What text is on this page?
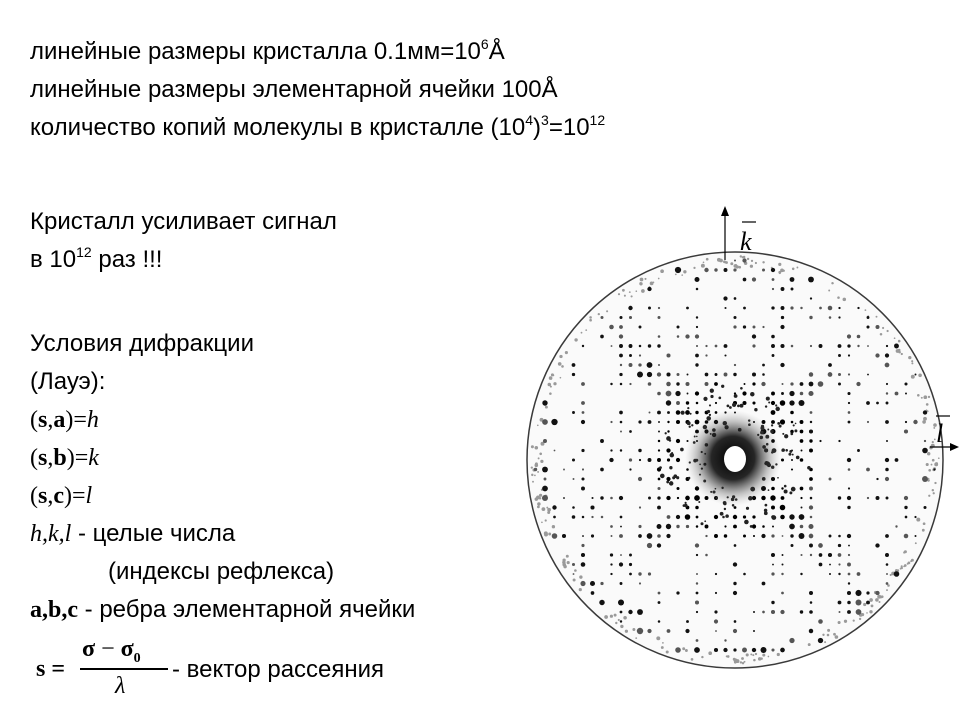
линейные размеры кристалла $0.1мм=10^6Å$
линейные размеры элементарной ячейки 100Å
количество копий молекулы в кристалле $(10^4)^3=10^{12}$
Кристалл усиливает сигнал
в $10^{12}$ раз !!!
Условия дифракции
(Лауэ):
(s,a)=h
(s,b)=k
(s,c)=l
h,k,l - целые числа
(индексы рефлекса)
a,b,c - ребра элементарной ячейки
s =
$\sigma - \sigma_0$
λ
- вектор рассеяния
k
l
